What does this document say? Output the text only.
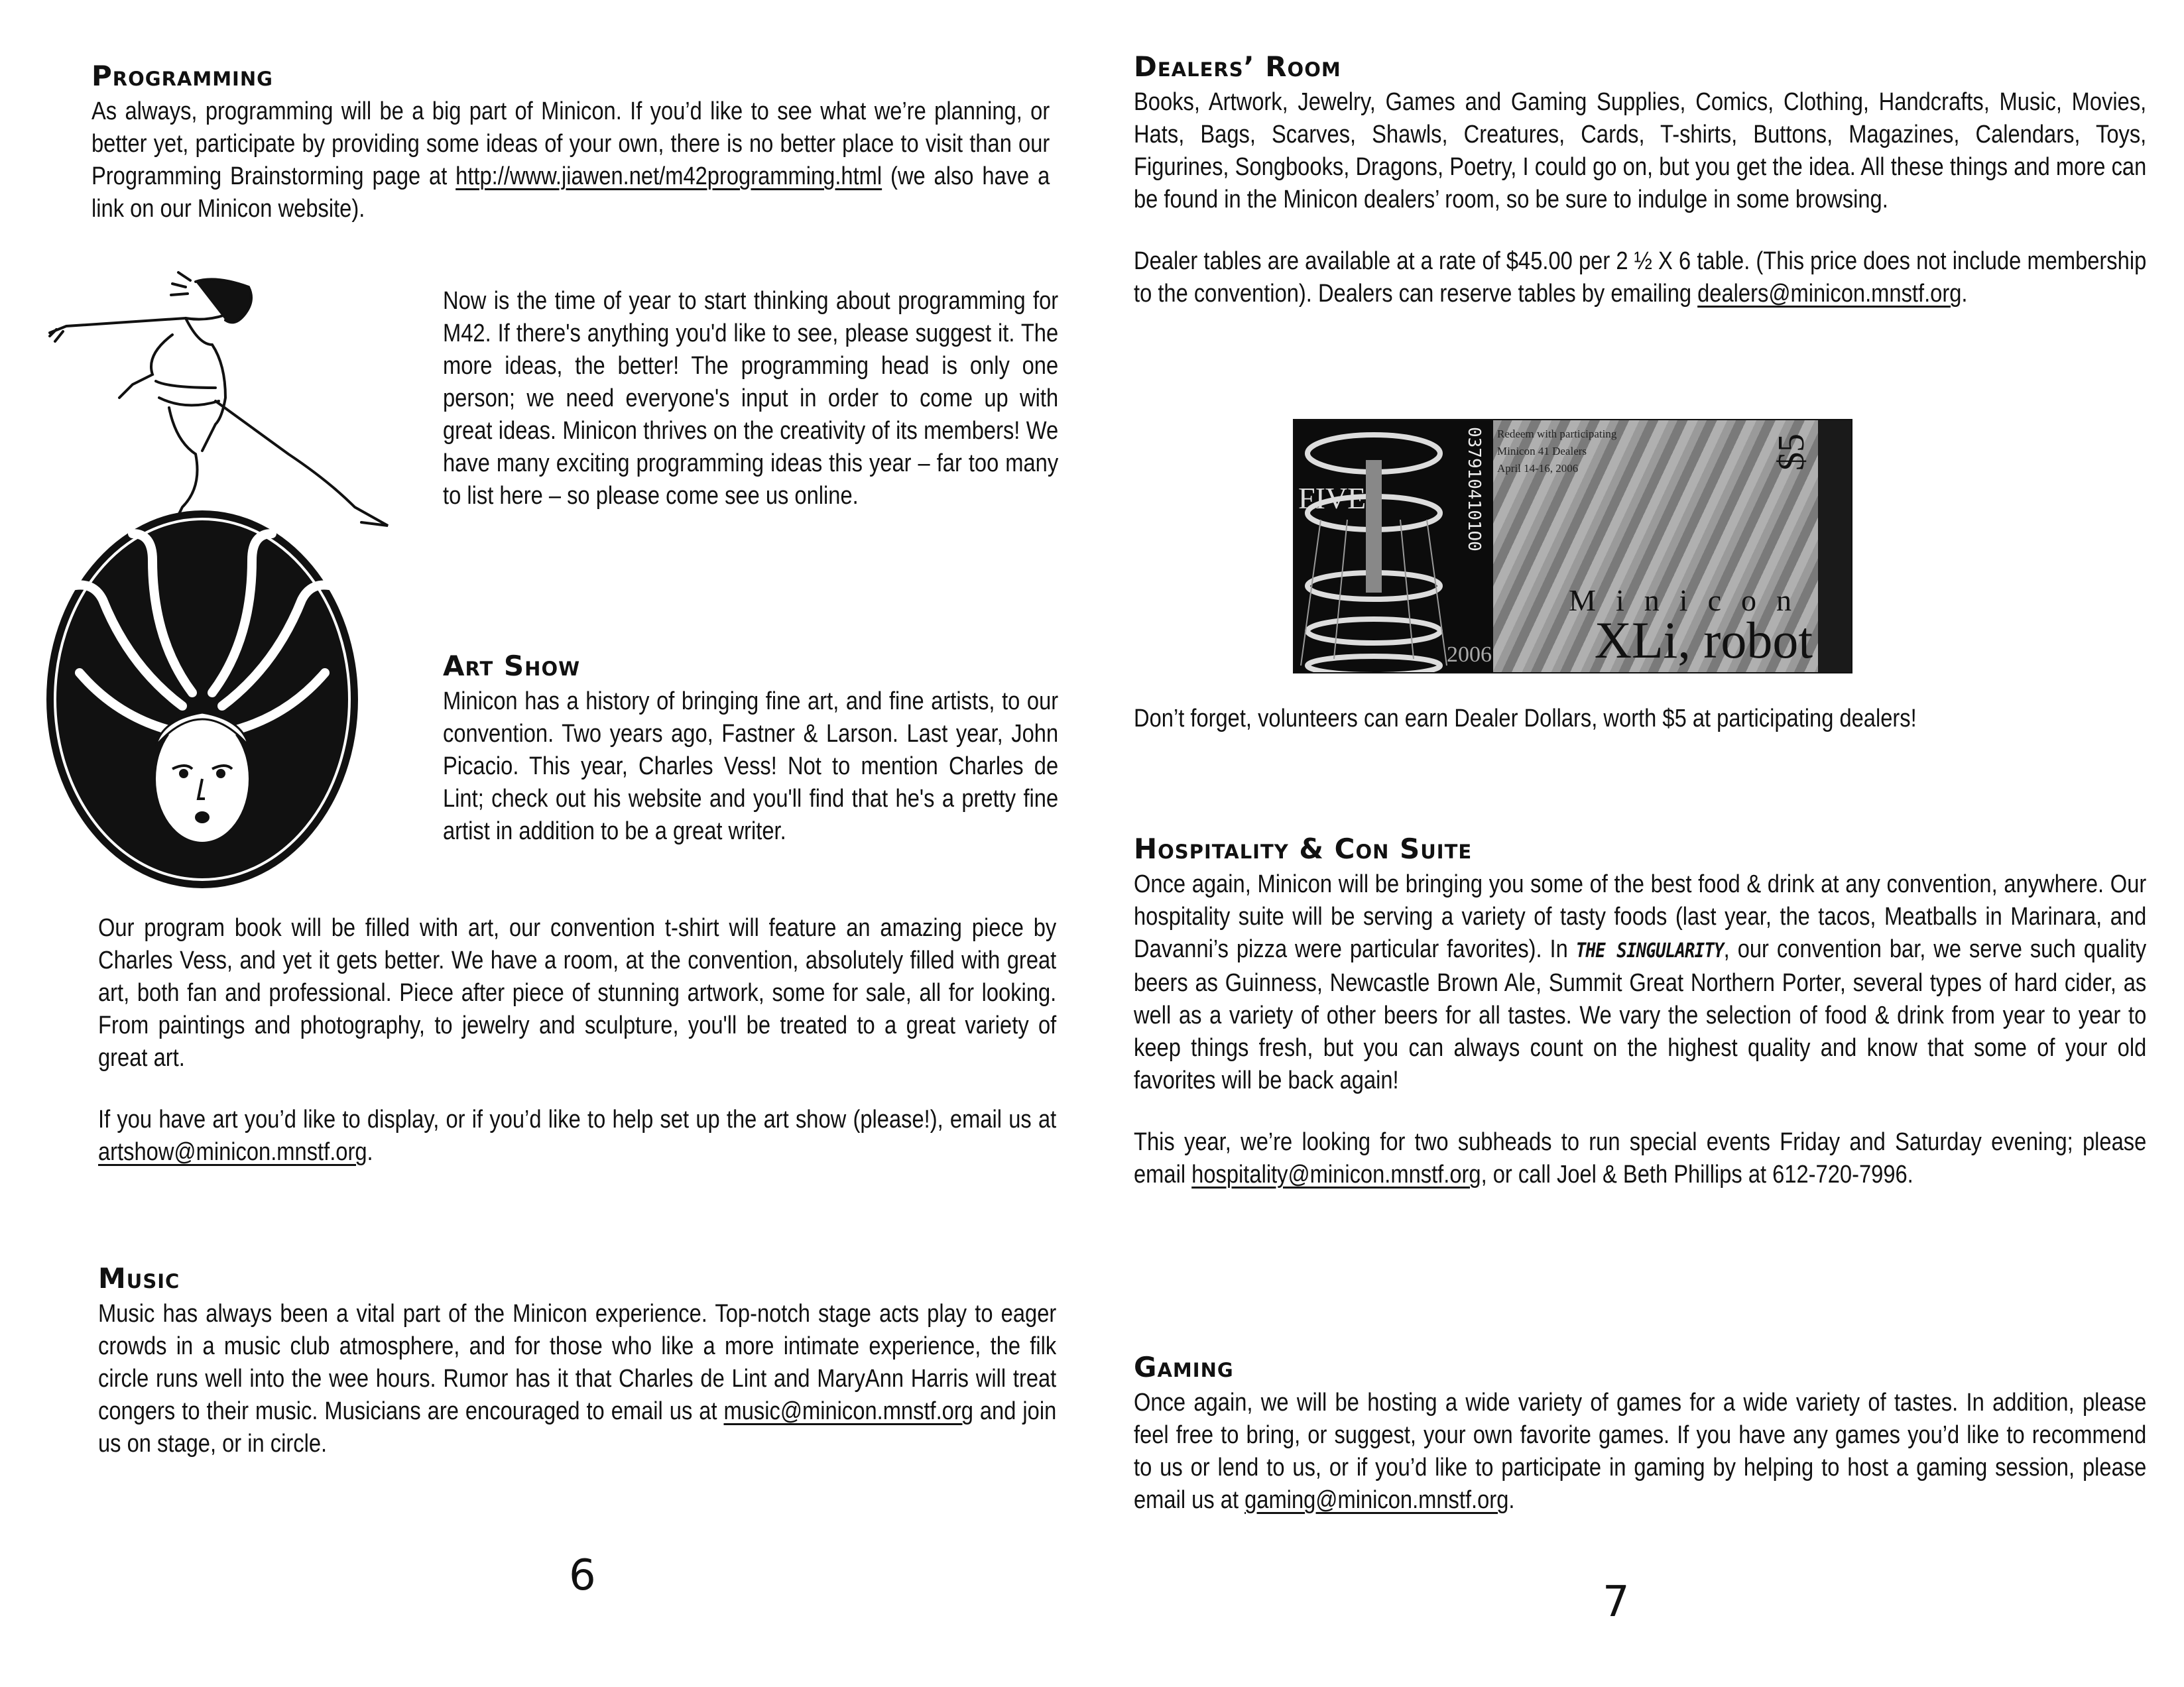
Programming

As always, programming will be a big part of Minicon. If you’d like to see what we’re planning, or better yet, participate by providing some ideas of your own, there is no better place to visit than our Programming Brainstorming page at http://www.jiawen.net/m42programming.html (we also have a link on our Minicon website).

Now is the time of year to start thinking about programming for M42. If there's anything you'd like to see, please suggest it. The more ideas, the better! The programming head is only one person; we need everyone's input in order to come up with great ideas. Minicon thrives on the creativity of its members! We have many exciting programming ideas this year – far too many to list here – so please come see us online.

Art Show

Minicon has a history of bringing fine art, and fine artists, to our convention. Two years ago, Fastner & Larson. Last year, John Picacio. This year, Charles Vess! Not to mention Charles de Lint; check out his website and you'll find that he's a pretty fine artist in addition to be a great writer.

Our program book will be filled with art, our convention t-shirt will feature an amazing piece by Charles Vess, and yet it gets better. We have a room, at the convention, absolutely filled with great art, both fan and professional. Piece after piece of stunning artwork, some for sale, all for looking. From paintings and photography, to jewelry and sculpture, you'll be treated to a great variety of great art.

If you have art you’d like to display, or if you’d like to help set up the art show (please!), email us at artshow@minicon.mnstf.org.

Music

Music has always been a vital part of the Minicon experience. Top-notch stage acts play to eager crowds in a music club atmosphere, and for those who like a more intimate experience, the filk circle runs well into the wee hours. Rumor has it that Charles de Lint and MaryAnn Harris will treat congers to their music. Musicians are encouraged to email us at music@minicon.mnstf.org and join us on stage, or in circle.

6
Dealers’ Room

Books, Artwork, Jewelry, Games and Gaming Supplies, Comics, Clothing, Handcrafts, Music, Movies, Hats, Bags, Scarves, Shawls, Creatures, Cards, T-shirts, Buttons, Magazines, Calendars, Toys, Figurines, Songbooks, Dragons, Poetry, I could go on, but you get the idea. All these things and more can be found in the Minicon dealers’ room, so be sure to indulge in some browsing.

Dealer tables are available at a rate of $45.00 per 2 ½ X 6 table. (This price does not include membership to the convention). Dealers can reserve tables by emailing dealers@minicon.mnstf.org.

Don’t forget, volunteers can earn Dealer Dollars, worth $5 at participating dealers!

Hospitality & Con Suite

Once again, Minicon will be bringing you some of the best food & drink at any convention, anywhere. Our hospitality suite will be serving a variety of tasty foods (last year, the tacos, Meatballs in Marinara, and Davanni’s pizza were particular favorites). In THE SINGULARITY, our convention bar, we serve such quality beers as Guinness, Newcastle Brown Ale, Summit Great Northern Porter, several types of hard cider, as well as a variety of other beers for all tastes. We vary the selection of food & drink from year to year to keep things fresh, but you can always count on the highest quality and know that some of your old favorites will be back again!

This year, we’re looking for two subheads to run special events Friday and Saturday evening; please email hospitality@minicon.mnstf.org, or call Joel & Beth Phillips at 612-720-7996.

Gaming

Once again, we will be hosting a wide variety of games for a wide variety of tastes. In addition, please feel free to bring, or suggest, your own favorite games. If you have any games you’d like to recommend to us or lend to us, or if you’d like to participate in gaming by helping to host a gaming session, please email us at gaming@minicon.mnstf.org.

7
FIVE
2006
0379104101O0 Redeem with participating
Minicon 41 Dealers
April 14-16, 2006	$5
Minicon
XLi, robot
